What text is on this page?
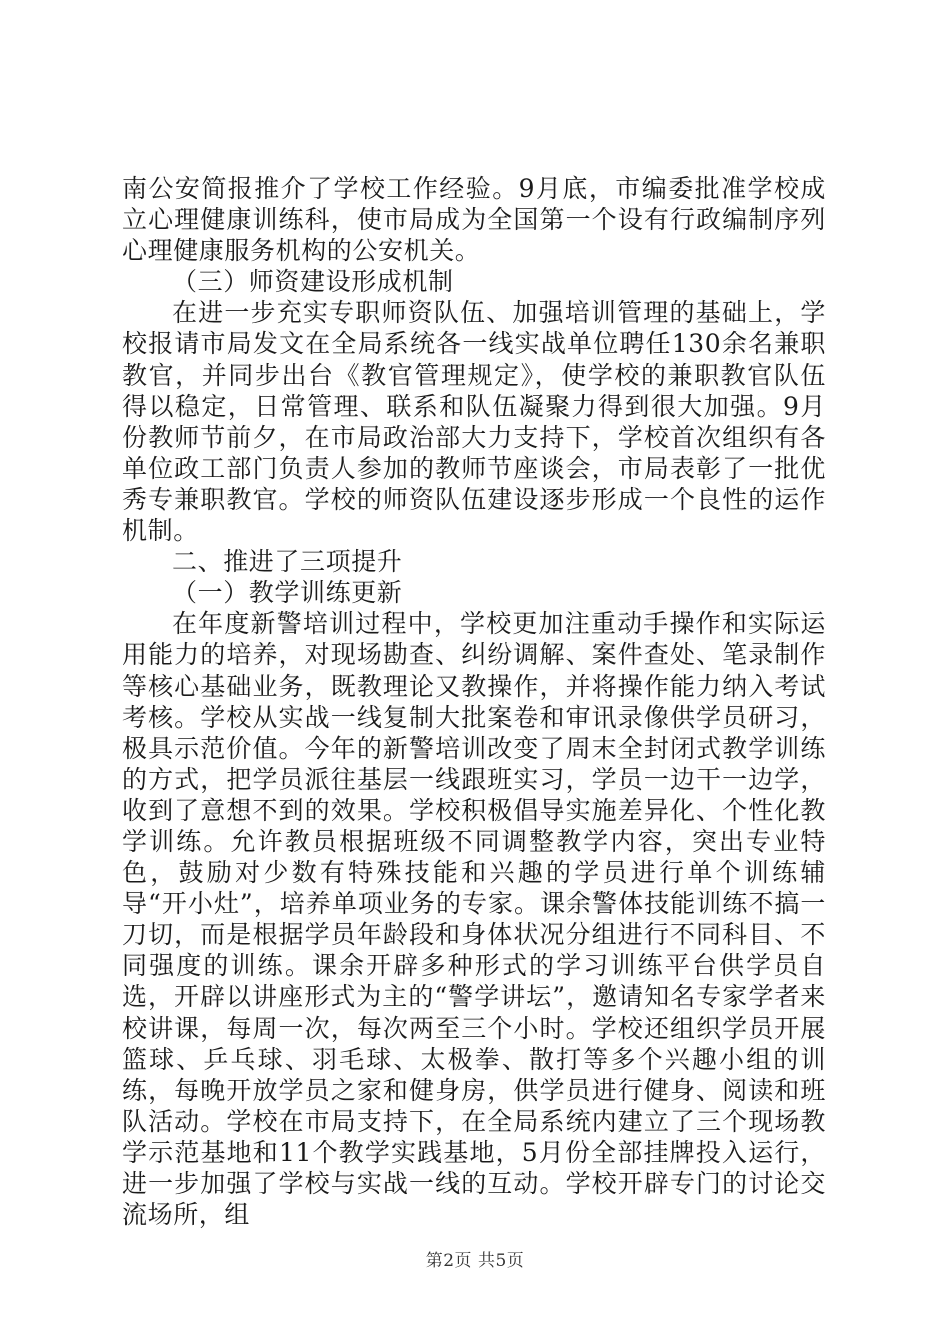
南公安简报推介了学校工作经验。9月底，市编委批准学校成立心理健康训练科，使市局成为全国第一个设有行政编制序列心理健康服务机构的公安机关。

（三）师资建设形成机制

在进一步充实专职师资队伍、加强培训管理的基础上，学校报请市局发文在全局系统各一线实战单位聘任130余名兼职教官，并同步出台《教官管理规定》，使学校的兼职教官队伍得以稳定，日常管理、联系和队伍凝聚力得到很大加强。9月份教师节前夕，在市局政治部大力支持下，学校首次组织有各单位政工部门负责人参加的教师节座谈会，市局表彰了一批优秀专兼职教官。学校的师资队伍建设逐步形成一个良性的运作机制。

二、推进了三项提升

（一）教学训练更新

在年度新警培训过程中，学校更加注重动手操作和实际运用能力的培养，对现场勘查、纠纷调解、案件查处、笔录制作等核心基础业务，既教理论又教操作，并将操作能力纳入考试考核。学校从实战一线复制大批案卷和审讯录像供学员研习，极具示范价值。今年的新警培训改变了周末全封闭式教学训练的方式，把学员派往基层一线跟班实习，学员一边干一边学，收到了意想不到的效果。学校积极倡导实施差异化、个性化教学训练。允许教员根据班级不同调整教学内容，突出专业特色，鼓励对少数有特殊技能和兴趣的学员进行单个训练辅导“开小灶”，培养单项业务的专家。课余警体技能训练不搞一刀切，而是根据学员年龄段和身体状况分组进行不同科目、不同强度的训练。课余开辟多种形式的学习训练平台供学员自选，开辟以讲座形式为主的“警学讲坛”，邀请知名专家学者来校讲课，每周一次，每次两至三个小时。学校还组织学员开展篮球、乒乓球、羽毛球、太极拳、散打等多个兴趣小组的训练，每晚开放学员之家和健身房，供学员进行健身、阅读和班队活动。学校在市局支持下，在全局系统内建立了三个现场教学示范基地和11个教学实践基地，5月份全部挂牌投入运行，进一步加强了学校与实战一线的互动。学校开辟专门的讨论交流场所，组

第2页 共5页
